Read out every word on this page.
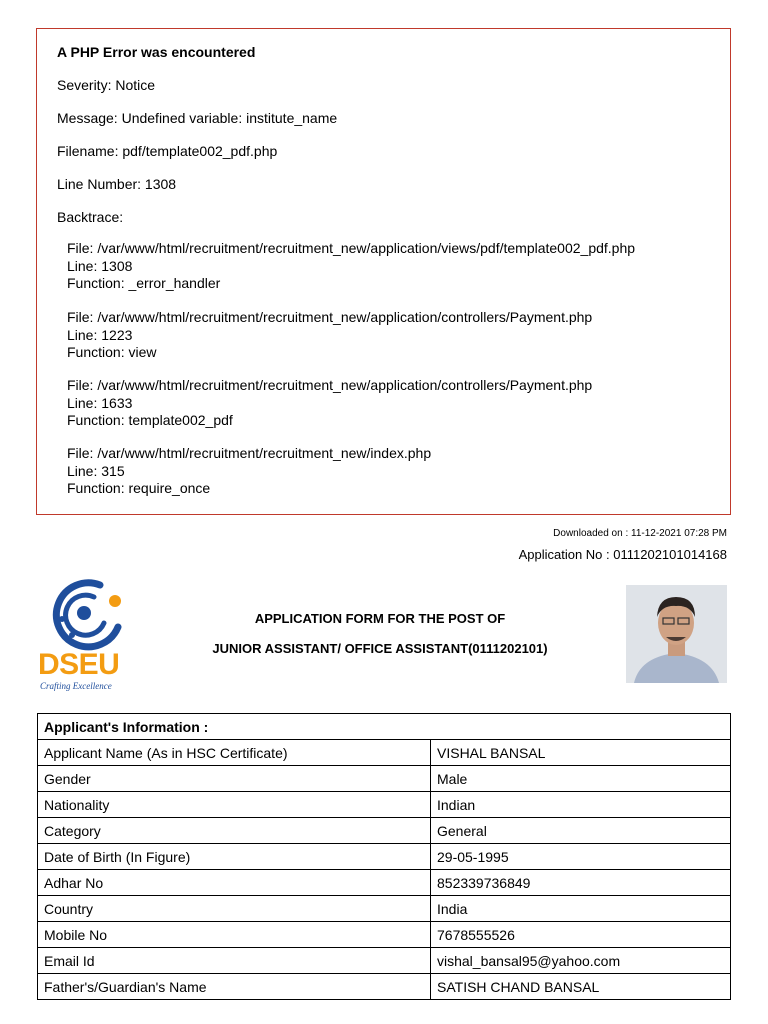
A PHP Error was encountered
Severity: Notice
Message: Undefined variable: institute_name
Filename: pdf/template002_pdf.php
Line Number: 1308
Backtrace:
File: /var/www/html/recruitment/recruitment_new/application/views/pdf/template002_pdf.php
Line: 1308
Function: _error_handler
File: /var/www/html/recruitment/recruitment_new/application/controllers/Payment.php
Line: 1223
Function: view
File: /var/www/html/recruitment/recruitment_new/application/controllers/Payment.php
Line: 1633
Function: template002_pdf
File: /var/www/html/recruitment/recruitment_new/index.php
Line: 315
Function: require_once
Downloaded on : 11-12-2021 07:28 PM
Application No : 0111202101014168
DSEU
Crafting Excellence
APPLICATION FORM FOR THE POST OF
JUNIOR ASSISTANT/ OFFICE ASSISTANT(0111202101)
Applicant's Information :	
Applicant Name (As in HSC Certificate)	VISHAL BANSAL
Gender	Male
Nationality	Indian
Category	General
Date of Birth (In Figure)	29-05-1995
Adhar No	852339736849
Country	India
Mobile No	7678555526
Email Id	vishal_bansal95@yahoo.com
Father's/Guardian's Name	SATISH CHAND BANSAL
